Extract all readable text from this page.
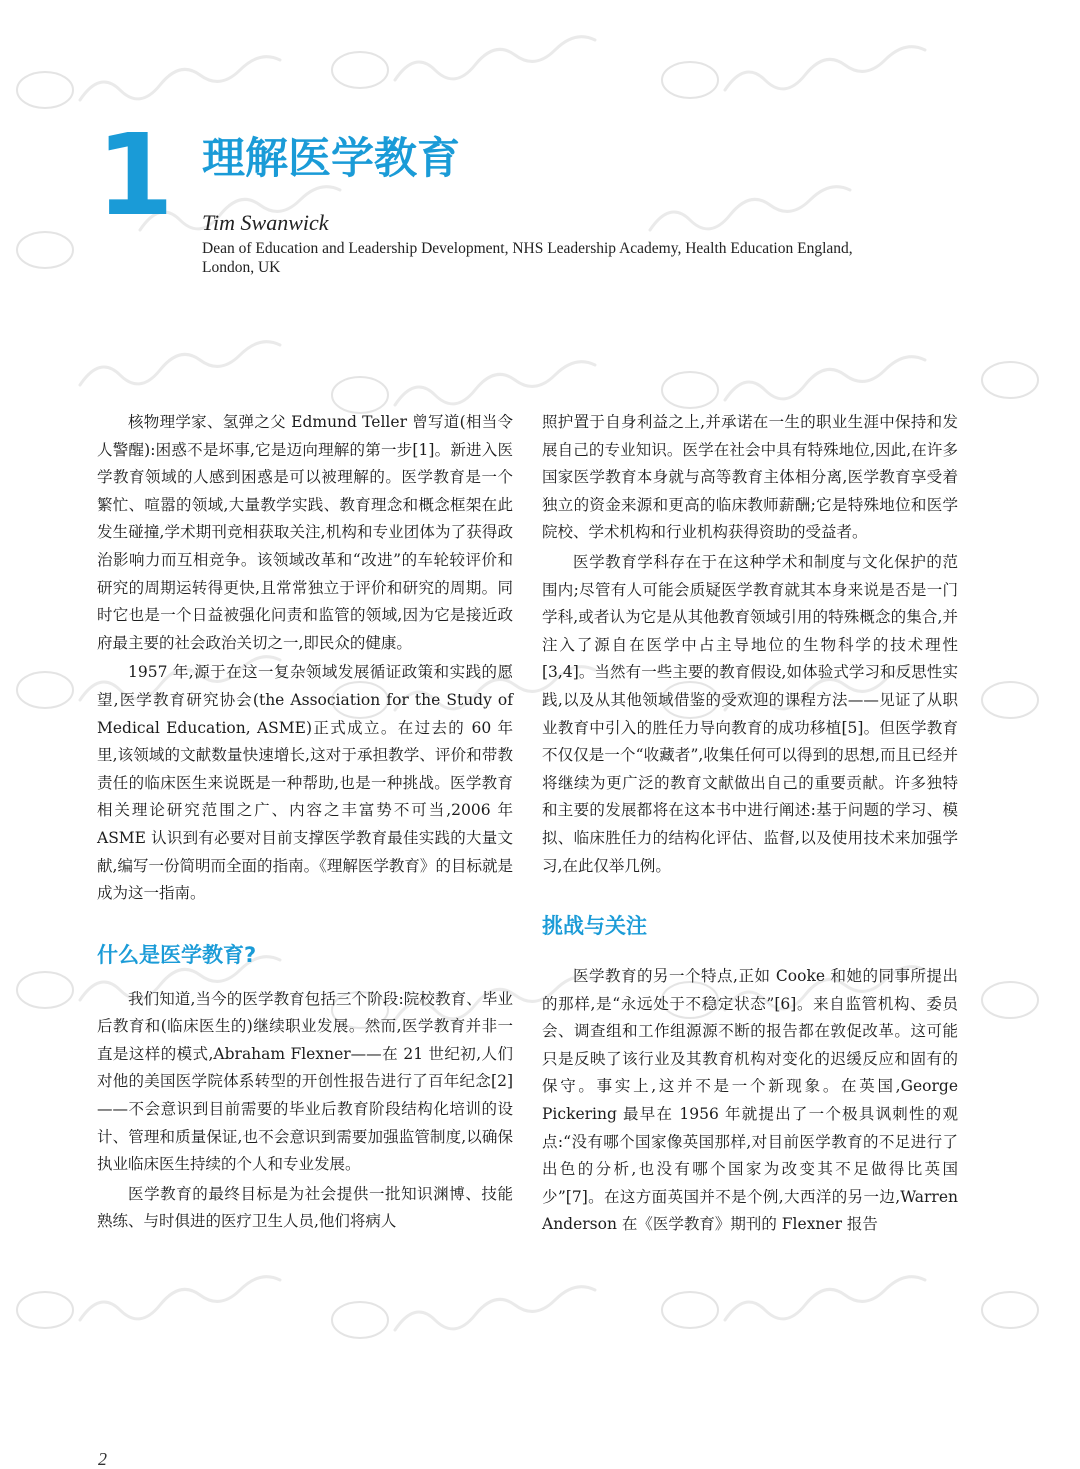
1 理解医学教育
Tim Swanwick
Dean of Education and Leadership Development, NHS Leadership Academy, Health Education England, London, UK

核物理学家、氢弹之父 Edmund Teller 曾写道(相当令人警醒):困惑不是坏事,它是迈向理解的第一步[1]。新进入医学教育领域的人感到困惑是可以被理解的。医学教育是一个繁忙、喧嚣的领域,大量教学实践、教育理念和概念框架在此发生碰撞,学术期刊竞相获取关注,机构和专业团体为了获得政治影响力而互相竞争。该领域改革和“改进”的车轮较评价和研究的周期运转得更快,且常常独立于评价和研究的周期。同时它也是一个日益被强化问责和监管的领域,因为它是接近政府最主要的社会政治关切之一,即民众的健康。

1957 年,源于在这一复杂领域发展循证政策和实践的愿望,医学教育研究协会(the Association for the Study of Medical Education, ASME)正式成立。在过去的 60 年里,该领域的文献数量快速增长,这对于承担教学、评价和带教责任的临床医生来说既是一种帮助,也是一种挑战。医学教育相关理论研究范围之广、内容之丰富势不可当,2006 年 ASME 认识到有必要对目前支撑医学教育最佳实践的大量文献,编写一份简明而全面的指南。《理解医学教育》的目标就是成为这一指南。

什么是医学教育?

我们知道,当今的医学教育包括三个阶段:院校教育、毕业后教育和(临床医生的)继续职业发展。然而,医学教育并非一直是这样的模式,Abraham Flexner——在 21 世纪初,人们对他的美国医学院体系转型的开创性报告进行了百年纪念[2]——不会意识到目前需要的毕业后教育阶段结构化培训的设计、管理和质量保证,也不会意识到需要加强监管制度,以确保执业临床医生持续的个人和专业发展。

医学教育的最终目标是为社会提供一批知识渊博、技能熟练、与时俱进的医疗卫生人员,他们将病人

照护置于自身利益之上,并承诺在一生的职业生涯中保持和发展自己的专业知识。医学在社会中具有特殊地位,因此,在许多国家医学教育本身就与高等教育主体相分离,医学教育享受着独立的资金来源和更高的临床教师薪酬;它是特殊地位和医学院校、学术机构和行业机构获得资助的受益者。

医学教育学科存在于在这种学术和制度与文化保护的范围内;尽管有人可能会质疑医学教育就其本身来说是否是一门学科,或者认为它是从其他教育领域引用的特殊概念的集合,并注入了源自在医学中占主导地位的生物科学的技术理性[3,4]。当然有一些主要的教育假设,如体验式学习和反思性实践,以及从其他领域借鉴的受欢迎的课程方法——见证了从职业教育中引入的胜任力导向教育的成功移植[5]。但医学教育不仅仅是一个“收藏者”,收集任何可以得到的思想,而且已经并将继续为更广泛的教育文献做出自己的重要贡献。许多独特和主要的发展都将在这本书中进行阐述:基于问题的学习、模拟、临床胜任力的结构化评估、监督,以及使用技术来加强学习,在此仅举几例。

挑战与关注

医学教育的另一个特点,正如 Cooke 和她的同事所提出的那样,是“永远处于不稳定状态”[6]。来自监管机构、委员会、调查组和工作组源源不断的报告都在敦促改革。这可能只是反映了该行业及其教育机构对变化的迟缓反应和固有的保守。事实上,这并不是一个新现象。在英国,George Pickering 最早在 1956 年就提出了一个极具讽刺性的观点:“没有哪个国家像英国那样,对目前医学教育的不足进行了出色的分析,也没有哪个国家为改变其不足做得比英国少”[7]。在这方面英国并不是个例,大西洋的另一边,Warren Anderson 在《医学教育》期刊的 Flexner 报告

2
